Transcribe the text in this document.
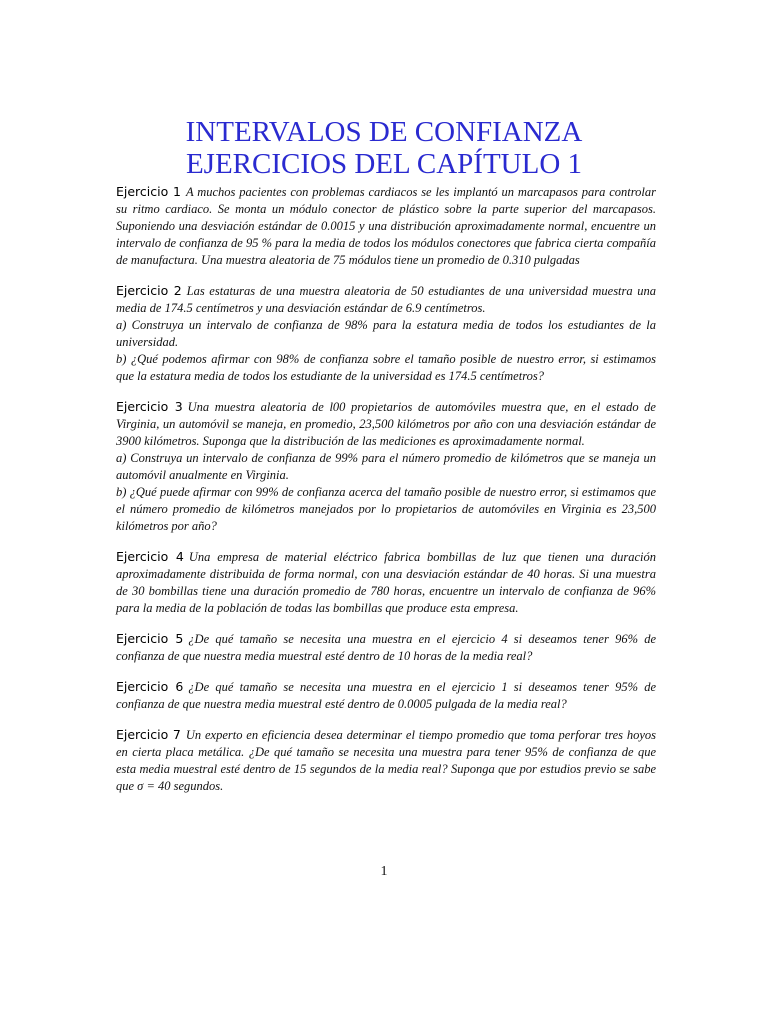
INTERVALOS DE CONFIANZA
EJERCICIOS DEL CAPÍTULO 1

Ejercicio 1 A muchos pacientes con problemas cardiacos se les implantó un marcapasos para controlar su ritmo cardiaco. Se monta un módulo conector de plástico sobre la parte superior del marcapasos. Suponiendo una desviación estándar de 0.0015 y una distribución aproximadamente normal, encuentre un intervalo de confianza de 95 % para la media de todos los módulos conectores que fabrica cierta compañía de manufactura. Una muestra aleatoria de 75 módulos tiene un promedio de 0.310 pulgadas

Ejercicio 2 Las estaturas de una muestra aleatoria de 50 estudiantes de una universidad muestra una media de 174.5 centímetros y una desviación estándar de 6.9 centímetros.
a) Construya un intervalo de confianza de 98% para la estatura media de todos los estudiantes de la universidad.
b) ¿Qué podemos afirmar con 98% de confianza sobre el tamaño posible de nuestro error, si estimamos que la estatura media de todos los estudiante de la universidad es 174.5 centímetros?

Ejercicio 3 Una muestra aleatoria de l00 propietarios de automóviles muestra que, en el estado de Virginia, un automóvil se maneja, en promedio, 23,500 kilómetros por año con una desviación estándar de 3900 kilómetros. Suponga que la distribución de las mediciones es aproximadamente normal.
a) Construya un intervalo de confianza de 99% para el número promedio de kilómetros que se maneja un automóvil anualmente en Virginia.
b) ¿Qué puede afirmar con 99% de confianza acerca del tamaño posible de nuestro error, si estimamos que el número promedio de kilómetros manejados por lo propietarios de automóviles en Virginia es 23,500 kilómetros por año?

Ejercicio 4 Una empresa de material eléctrico fabrica bombillas de luz que tienen una duración aproximadamente distribuida de forma normal, con una desviación estándar de 40 horas. Si una muestra de 30 bombillas tiene una duración promedio de 780 horas, encuentre un intervalo de confianza de 96% para la media de la población de todas las bombillas que produce esta empresa.

Ejercicio 5 ¿De qué tamaño se necesita una muestra en el ejercicio 4 si deseamos tener 96% de confianza de que nuestra media muestral esté dentro de 10 horas de la media real?

Ejercicio 6 ¿De qué tamaño se necesita una muestra en el ejercicio 1 si deseamos tener 95% de confianza de que nuestra media muestral esté dentro de 0.0005 pulgada de la media real?

Ejercicio 7 Un experto en eficiencia desea determinar el tiempo promedio que toma perforar tres hoyos en cierta placa metálica. ¿De qué tamaño se necesita una muestra para tener 95% de confianza de que esta media muestral esté dentro de 15 segundos de la media real? Suponga que por estudios previo se sabe que σ = 40 segundos.

1
